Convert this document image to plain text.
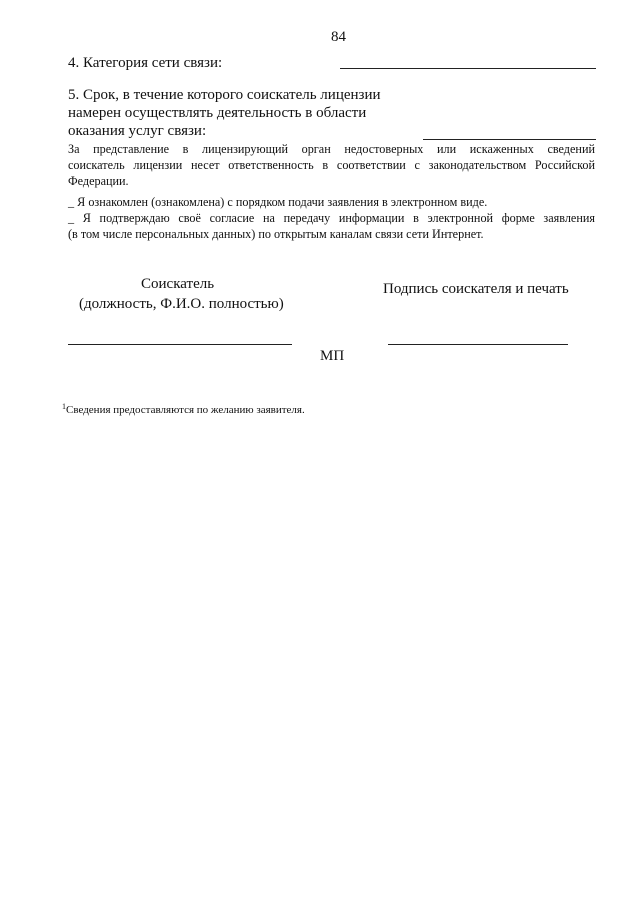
84
4. Категория сети связи:
5. Срок, в течение которого соискатель лицензии
намерен осуществлять деятельность в области
оказания услуг связи:
За представление в лицензирующий орган недостоверных или искаженных сведений
соискатель лицензии несет ответственность в соответствии с законодательством Российской
Федерации.
_ Я ознакомлен (ознакомлена) с порядком подачи заявления в электронном виде.
_ Я подтверждаю своё согласие на передачу информации в электронной форме заявления
(в том числе персональных данных) по открытым каналам связи сети Интернет.
Соискатель
(должность, Ф.И.О. полностью)
Подпись соискателя и печать
МП
$^1$Сведения предоставляются по желанию заявителя.
